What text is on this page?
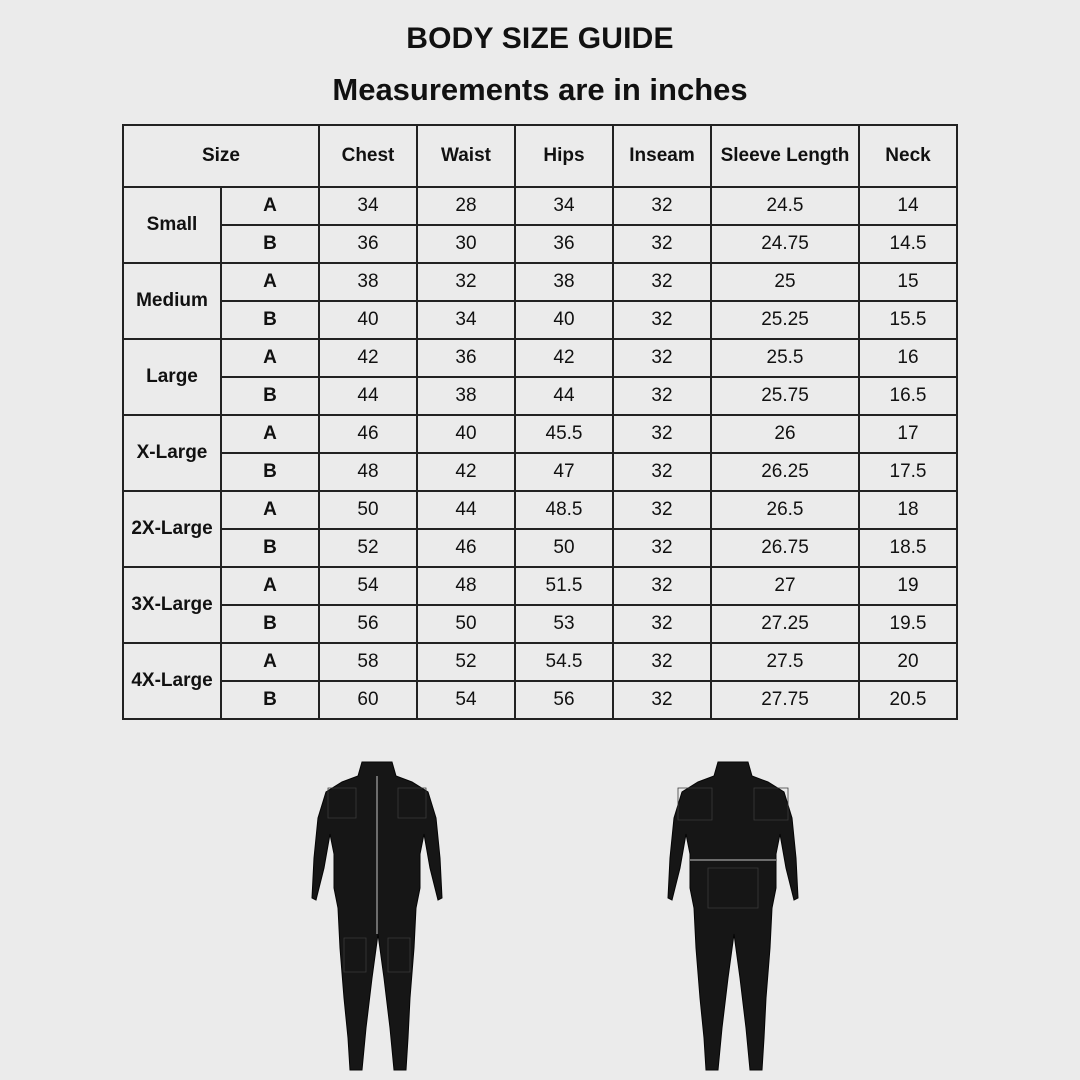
BODY SIZE GUIDE
Measurements are in inches
Size		Chest	Waist	Hips	Inseam	Sleeve Length	Neck
Small	A	34	28	34	32	24.5	14
	B	36	30	36	32	24.75	14.5
Medium	A	38	32	38	32	25	15
	B	40	34	40	32	25.25	15.5
Large	A	42	36	42	32	25.5	16
	B	44	38	44	32	25.75	16.5
X-Large	A	46	40	45.5	32	26	17
	B	48	42	47	32	26.25	17.5
2X-Large	A	50	44	48.5	32	26.5	18
	B	52	46	50	32	26.75	18.5
3X-Large	A	54	48	51.5	32	27	19
	B	56	50	53	32	27.25	19.5
4X-Large	A	58	52	54.5	32	27.5	20
	B	60	54	56	32	27.75	20.5
